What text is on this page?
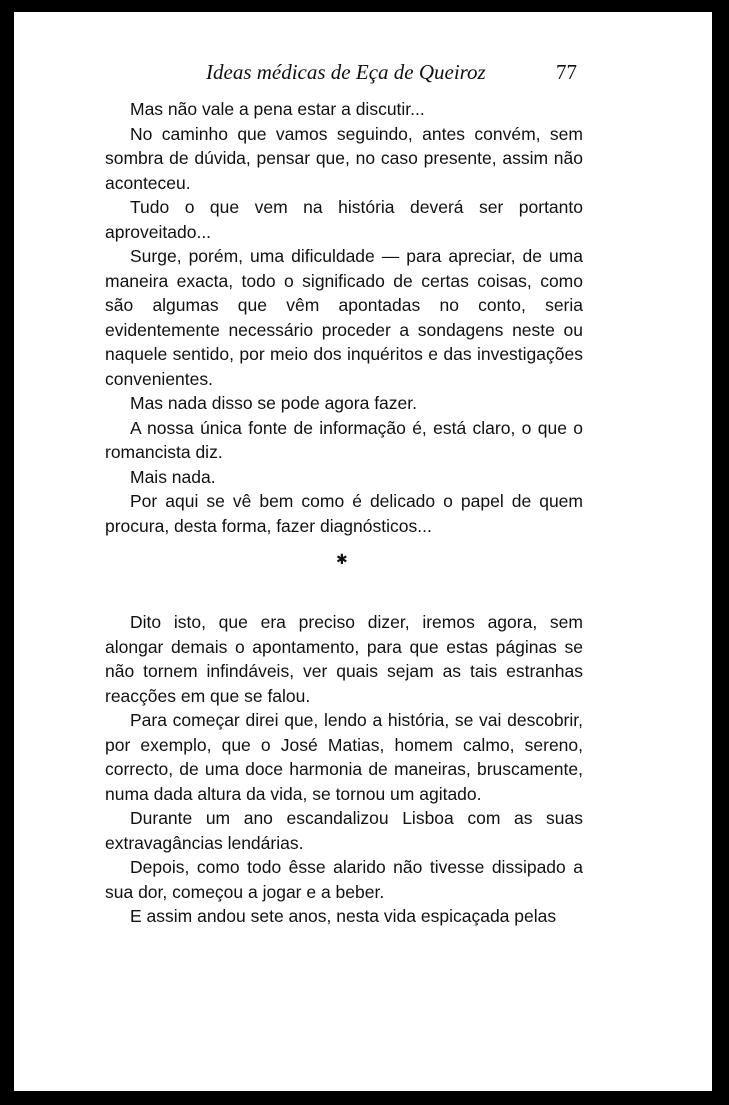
Ideas médicas de Eça de Queiroz	77

Mas não vale a pena estar a discutir...

No caminho que vamos seguindo, antes convém, sem sombra de dúvida, pensar que, no caso presente, assim não aconteceu.

Tudo o que vem na história deverá ser portanto aproveitado...

Surge, porém, uma dificuldade — para apreciar, de uma maneira exacta, todo o significado de certas coisas, como são algumas que vêm apontadas no conto, seria evidentemente necessário proceder a sondagens neste ou naquele sentido, por meio dos inquéritos e das investigações convenientes.

Mas nada disso se pode agora fazer.

A nossa única fonte de informação é, está claro, o que o romancista diz.

Mais nada.

Por aqui se vê bem como é delicado o papel de quem procura, desta forma, fazer diagnósticos...

✱

Dito isto, que era preciso dizer, iremos agora, sem alongar demais o apontamento, para que estas páginas se não tornem infindáveis, ver quais sejam as tais estranhas reacções em que se falou.

Para começar direi que, lendo a história, se vai descobrir, por exemplo, que o José Matias, homem calmo, sereno, correcto, de uma doce harmonia de maneiras, bruscamente, numa dada altura da vida, se tornou um agitado.

Durante um ano escandalizou Lisboa com as suas extravagâncias lendárias.

Depois, como todo êsse alarido não tivesse dissipado a sua dor, começou a jogar e a beber.

E assim andou sete anos, nesta vida espicaçada pelas
